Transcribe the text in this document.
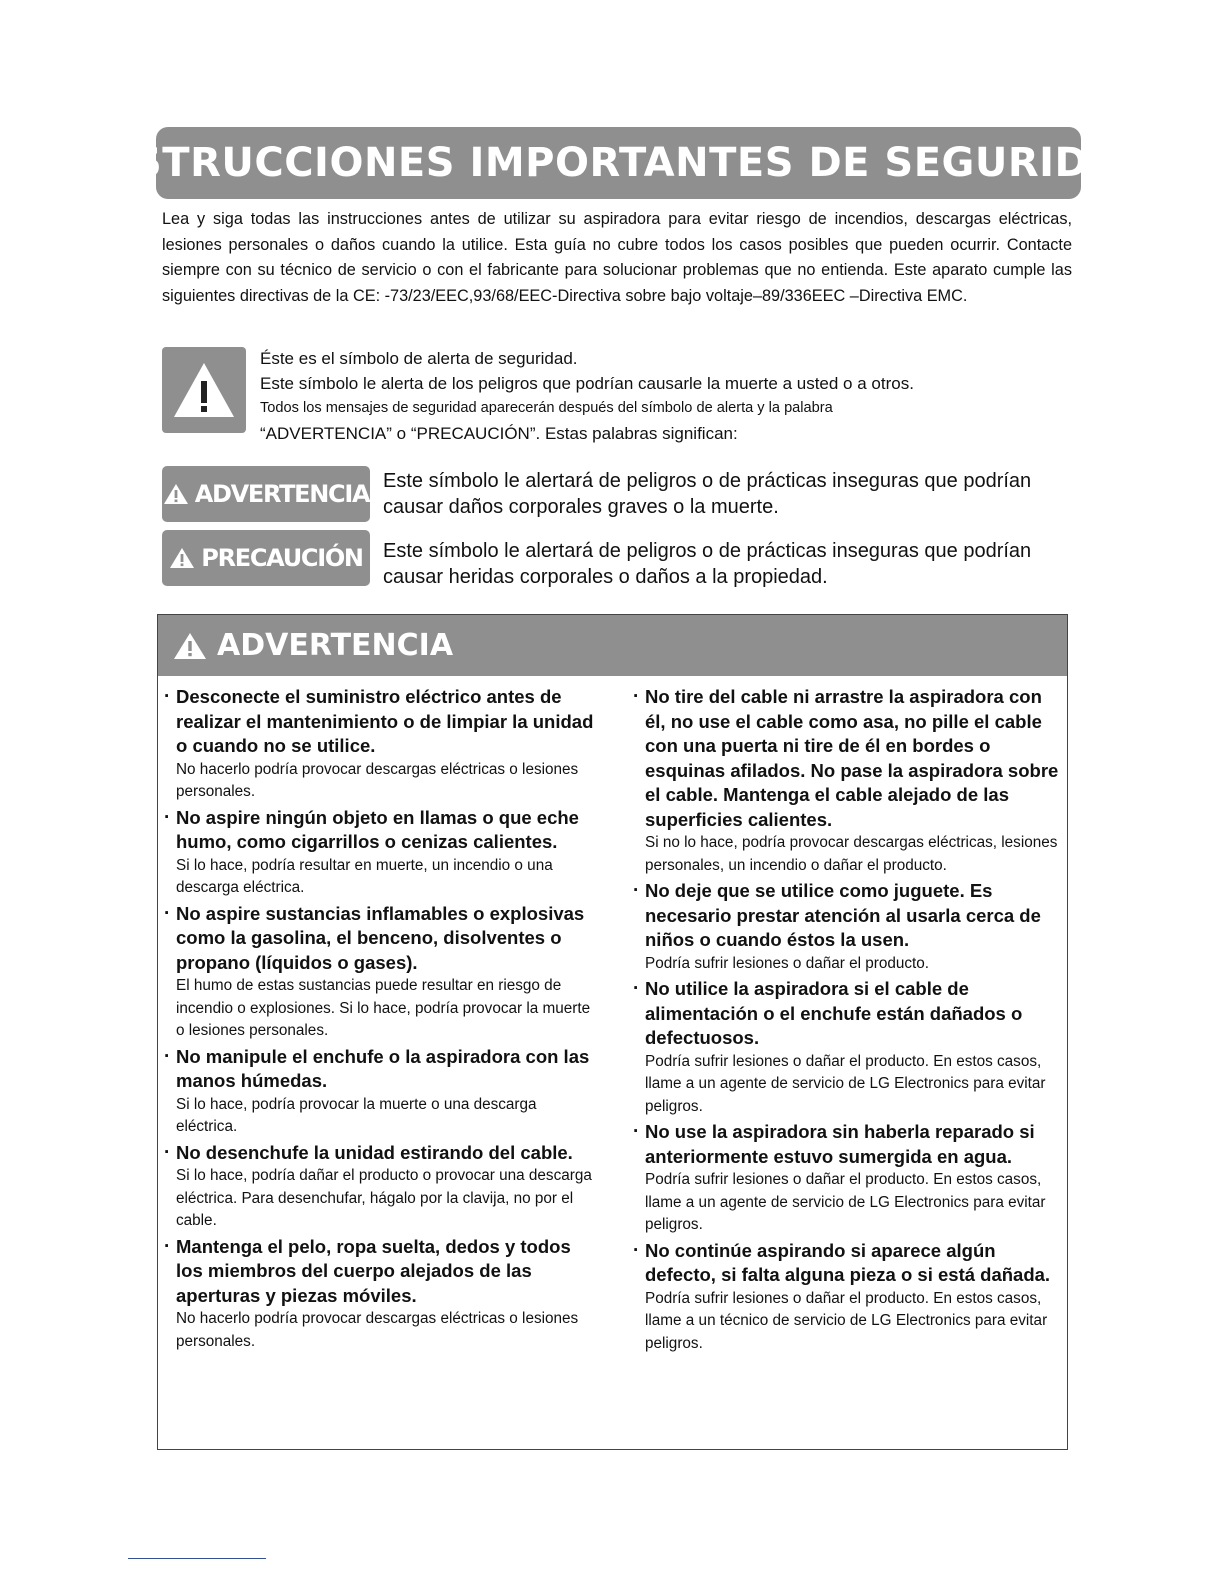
INSTRUCCIONES IMPORTANTES DE SEGURIDAD
Lea y siga todas las instrucciones antes de utilizar su aspiradora para evitar riesgo de incendios, descargas eléctricas, lesiones personales o daños cuando la utilice. Esta guía no cubre todos los casos posibles que pueden ocurrir. Contacte siempre con su técnico de servicio o con el fabricante para solucionar problemas que no entienda. Este aparato cumple las siguientes directivas de la CE: -73/23/EEC,93/68/EEC-Directiva sobre bajo voltaje–89/336EEC –Directiva EMC.
Éste es el símbolo de alerta de seguridad.
Este símbolo le alerta de los peligros que podrían causarle la muerte a usted o a otros.
Todos los mensajes de seguridad aparecerán después del símbolo de alerta y la palabra
“ADVERTENCIA” o “PRECAUCIÓN”. Estas palabras significan:
ADVERTENCIA Este símbolo le alertará de peligros o de prácticas inseguras que podrían causar daños corporales graves o la muerte.
PRECAUCIÓN Este símbolo le alertará de peligros o de prácticas inseguras que podrían causar heridas corporales o daños a la propiedad.
ADVERTENCIA
· Desconecte el suministro eléctrico antes de realizar el mantenimiento o de limpiar la unidad o cuando no se utilice.
No hacerlo podría provocar descargas eléctricas o lesiones personales.
· No aspire ningún objeto en llamas o que eche humo, como cigarrillos o cenizas calientes.
Si lo hace, podría resultar en muerte, un incendio o una descarga eléctrica.
· No aspire sustancias inflamables o explosivas como la gasolina, el benceno, disolventes o propano (líquidos o gases).
El humo de estas sustancias puede resultar en riesgo de incendio o explosiones. Si lo hace, podría provocar la muerte o lesiones personales.
· No manipule el enchufe o la aspiradora con las manos húmedas.
Si lo hace, podría provocar la muerte o una descarga eléctrica.
· No desenchufe la unidad estirando del cable.
Si lo hace, podría dañar el producto o provocar una descarga eléctrica. Para desenchufar, hágalo por la clavija, no por el cable.
· Mantenga el pelo, ropa suelta, dedos y todos los miembros del cuerpo alejados de las aperturas y piezas móviles.
No hacerlo podría provocar descargas eléctricas o lesiones personales.
· No tire del cable ni arrastre la aspiradora con él, no use el cable como asa, no pille el cable con una puerta ni tire de él en bordes o esquinas afilados. No pase la aspiradora sobre el cable. Mantenga el cable alejado de las superficies calientes.
Si no lo hace, podría provocar descargas eléctricas, lesiones personales, un incendio o dañar el producto.
· No deje que se utilice como juguete. Es necesario prestar atención al usarla cerca de niños o cuando éstos la usen.
Podría sufrir lesiones o dañar el producto.
· No utilice la aspiradora si el cable de alimentación o el enchufe están dañados o defectuosos.
Podría sufrir lesiones o dañar el producto. En estos casos, llame a un agente de servicio de LG Electronics para evitar peligros.
· No use la aspiradora sin haberla reparado si anteriormente estuvo sumergida en agua.
Podría sufrir lesiones o dañar el producto. En estos casos, llame a un agente de servicio de LG Electronics para evitar peligros.
· No continúe aspirando si aparece algún defecto, si falta alguna pieza o si está dañada.
Podría sufrir lesiones o dañar el producto. En estos casos, llame a un técnico de servicio de LG Electronics para evitar peligros.
